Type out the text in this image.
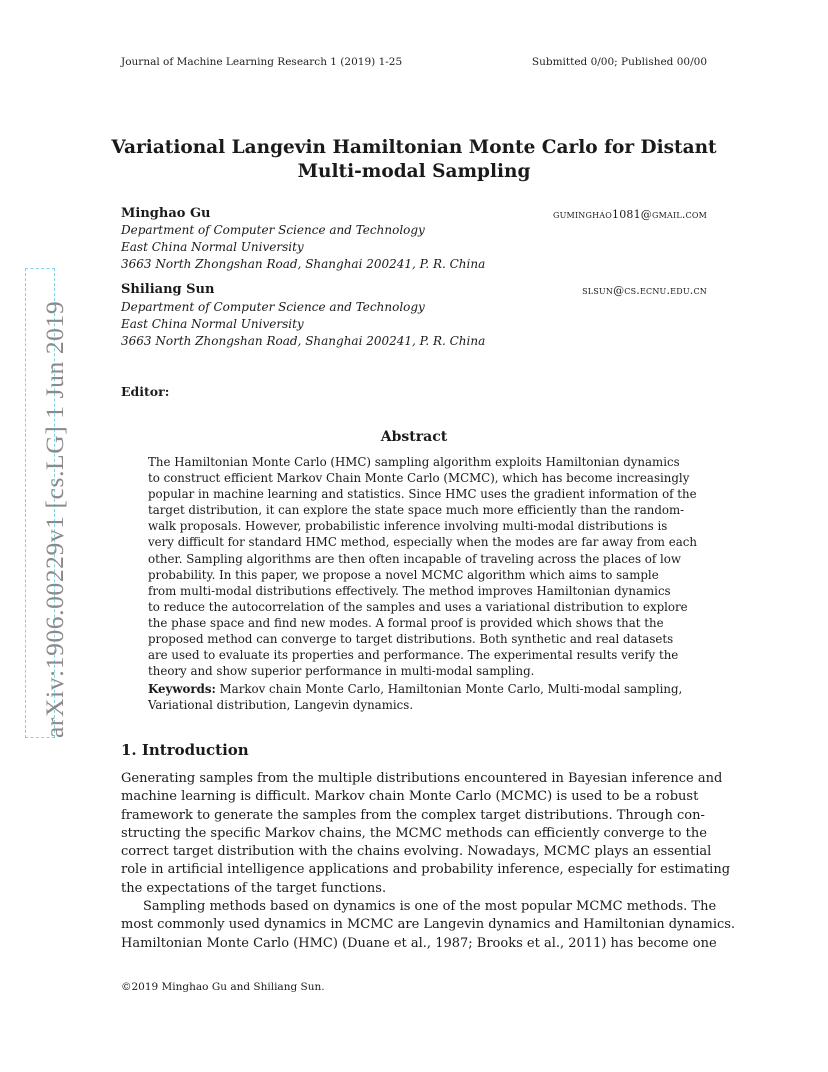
Journal of Machine Learning Research 1 (2019) 1-25	Submitted 0/00; Published 00/00
arXiv:1906.00229v1 [cs.LG] 1 Jun 2019
Variational Langevin Hamiltonian Monte Carlo for Distant
Multi-modal Sampling
Minghao Gu	guminghao1081@gmail.com
Department of Computer Science and Technology
East China Normal University
3663 North Zhongshan Road, Shanghai 200241, P. R. China
Shiliang Sun	slsun@cs.ecnu.edu.cn
Department of Computer Science and Technology
East China Normal University
3663 North Zhongshan Road, Shanghai 200241, P. R. China
Editor:
Abstract
The Hamiltonian Monte Carlo (HMC) sampling algorithm exploits Hamiltonian dynamics
to construct efficient Markov Chain Monte Carlo (MCMC), which has become increasingly
popular in machine learning and statistics. Since HMC uses the gradient information of the
target distribution, it can explore the state space much more efficiently than the random-
walk proposals. However, probabilistic inference involving multi-modal distributions is
very difficult for standard HMC method, especially when the modes are far away from each
other. Sampling algorithms are then often incapable of traveling across the places of low
probability. In this paper, we propose a novel MCMC algorithm which aims to sample
from multi-modal distributions effectively. The method improves Hamiltonian dynamics
to reduce the autocorrelation of the samples and uses a variational distribution to explore
the phase space and find new modes. A formal proof is provided which shows that the
proposed method can converge to target distributions. Both synthetic and real datasets
are used to evaluate its properties and performance. The experimental results verify the
theory and show superior performance in multi-modal sampling.
Keywords: Markov chain Monte Carlo, Hamiltonian Monte Carlo, Multi-modal sampling,
Variational distribution, Langevin dynamics.
1. Introduction
Generating samples from the multiple distributions encountered in Bayesian inference and
machine learning is difficult. Markov chain Monte Carlo (MCMC) is used to be a robust
framework to generate the samples from the complex target distributions. Through con-
structing the specific Markov chains, the MCMC methods can efficiently converge to the
correct target distribution with the chains evolving. Nowadays, MCMC plays an essential
role in artificial intelligence applications and probability inference, especially for estimating
the expectations of the target functions.
Sampling methods based on dynamics is one of the most popular MCMC methods. The
most commonly used dynamics in MCMC are Langevin dynamics and Hamiltonian dynamics.
Hamiltonian Monte Carlo (HMC) (Duane et al., 1987; Brooks et al., 2011) has become one
©2019 Minghao Gu and Shiliang Sun.
